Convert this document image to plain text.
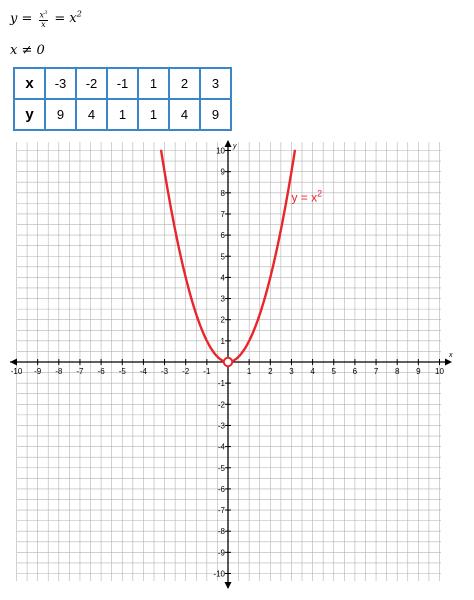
$y = \frac{x^3}{x} = x^2$
x ≠ 0
x	-3	-2	-1	1	2	3
y	9	4	1	1	4	9
x
y
-10 -9 -8 -7 -6 -5 -4 -3 -2 -1	1 2 3 4 5 6 7 8 9 10
-10
-9
-8
-7
-6
-5
-4
-3
-2
-1
1
2
3
4
5
6
7
8
9
10
$y = x^2$
